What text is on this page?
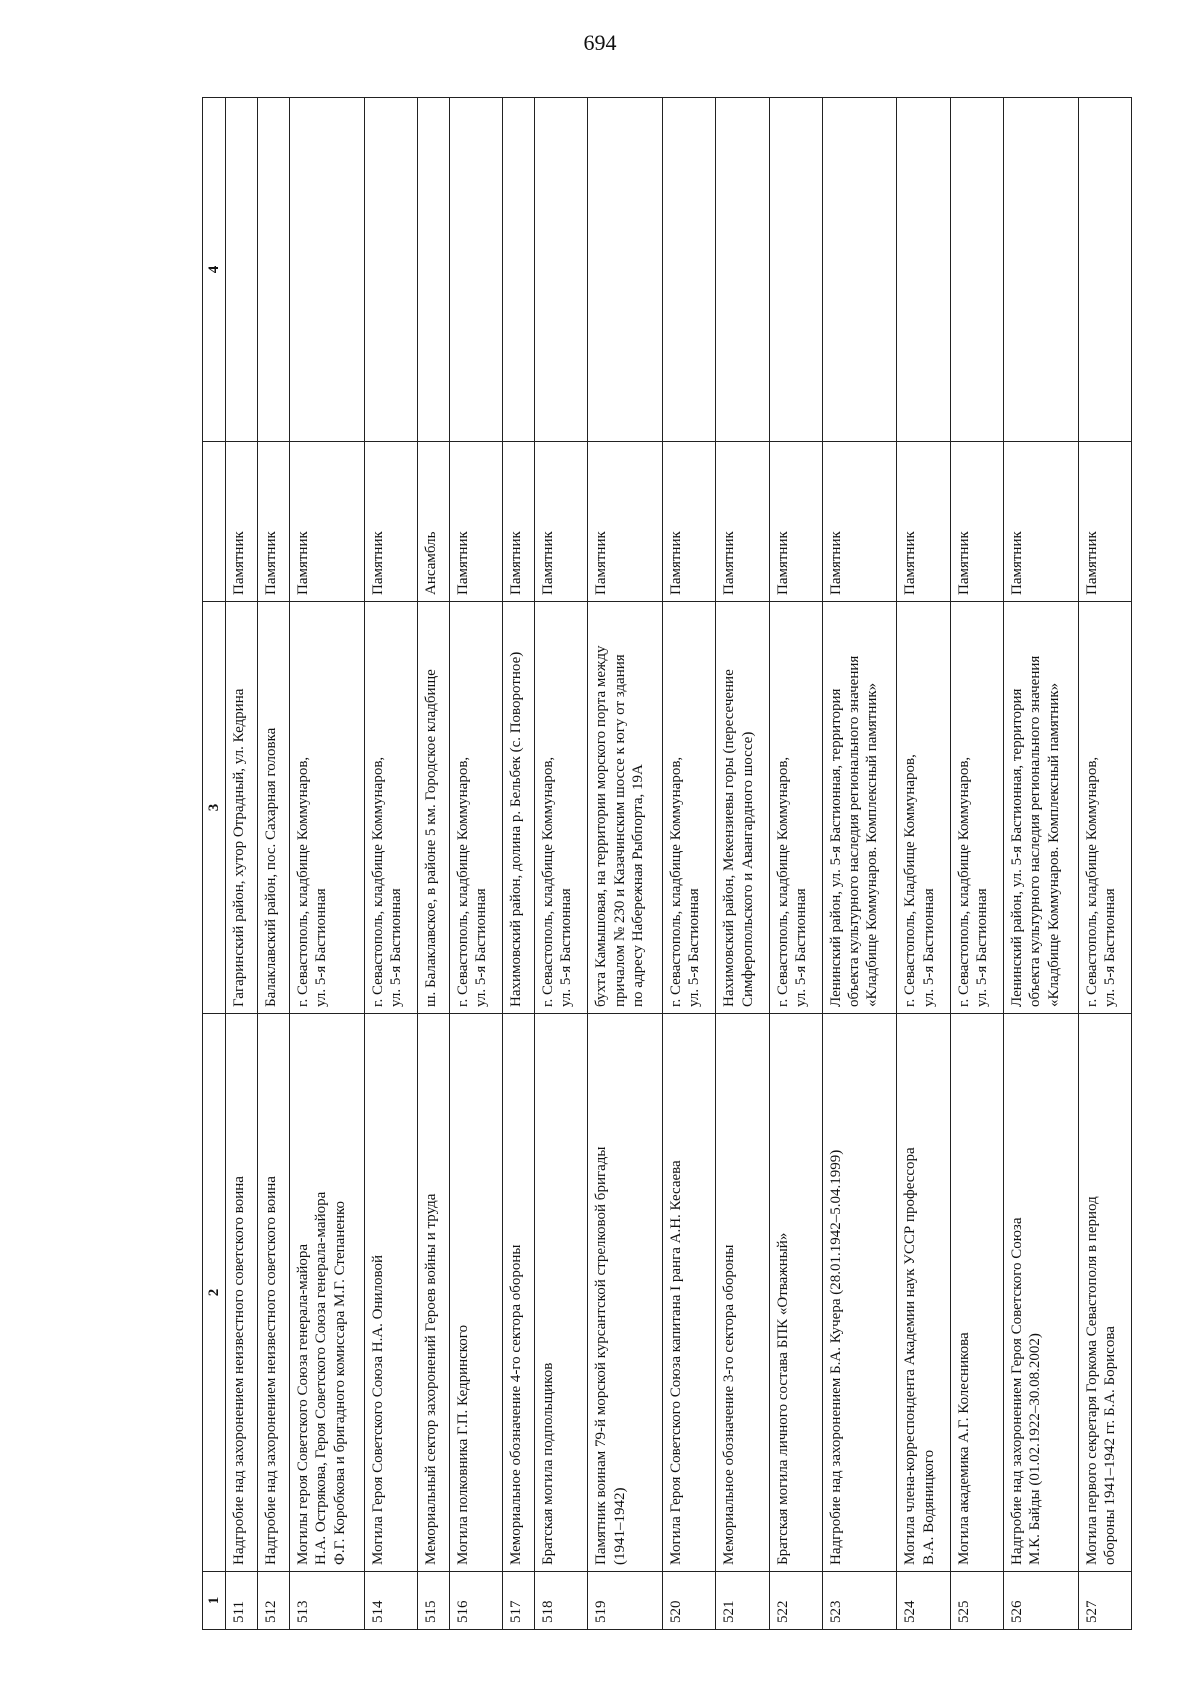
694
1	2	3		4
511	Надгробие над захоронением неизвестного советского воина	Гагаринский район, хутор Отрадный, ул. Кедрина	Памятник	
512	Надгробие над захоронением неизвестного советского воина	Балаклавский район, пос. Сахарная головка	Памятник	
513	Могилы героя Советского Союза генерала-майора Н.А. Острякова, Героя Советского Союза генерала-майора Ф.Г. Коробкова и бригадного комиссара М.Г. Степаненко	г. Севастополь, кладбище Коммунаров, ул. 5-я Бастионная	Памятник	
514	Могила Героя Советского Союза Н.А. Ониловой	г. Севастополь, кладбище Коммунаров, ул. 5-я Бастионная	Памятник	
515	Мемориальный сектор захоронений Героев войны и труда	ш. Балаклавское, в районе 5 км. Городское кладбище	Ансамбль	
516	Могила полковника Г.П. Кедринского	г. Севастополь, кладбище Коммунаров, ул. 5-я Бастионная	Памятник	
517	Мемориальное обозначение 4-го сектора обороны	Нахимовский район, долина р. Бельбек (с. Поворотное)	Памятник	
518	Братская могила подпольщиков	г. Севастополь, кладбище Коммунаров, ул. 5-я Бастионная	Памятник	
519	Памятник воинам 79-й морской курсантской стрелковой бригады (1941–1942)	бухта Камышовая, на территории морского порта между причалом № 230 и Казачинским шоссе к югу от здания по адресу Набережная Рыбпорта, 19А	Памятник	
520	Могила Героя Советского Союза капитана I ранга А.Н. Кесаева	г. Севастополь, кладбище Коммунаров, ул. 5-я Бастионная	Памятник	
521	Мемориальное обозначение 3-го сектора обороны	Нахимовский район, Мекензиевы горы (пересечение Симферопольского и Авангардного шоссе)	Памятник	
522	Братская могила личного состава БПК «Отважный»	г. Севастополь, кладбище Коммунаров, ул. 5-я Бастионная	Памятник	
523	Надгробие над захоронением Б.А. Кучера (28.01.1942–5.04.1999)	Ленинский район, ул. 5-я Бастионная, территория объекта культурного наследия регионального значения «Кладбище Коммунаров. Комплексный памятник»	Памятник	
524	Могила члена-корреспондента Академии наук УССР профессора В.А. Водяницкого	г. Севастополь, Кладбище Коммунаров, ул. 5-я Бастионная	Памятник	
525	Могила академика А.Г. Колесникова	г. Севастополь, кладбище Коммунаров, ул. 5-я Бастионная	Памятник	
526	Надгробие над захоронением Героя Советского Союза М.К. Байды (01.02.1922–30.08.2002)	Ленинский район, ул. 5-я Бастионная, территория объекта культурного наследия регионального значения «Кладбище Коммунаров. Комплексный памятник»	Памятник	
527	Могила первого секретаря Горкома Севастополя в период обороны 1941–1942 гг. Б.А. Борисова	г. Севастополь, кладбище Коммунаров, ул. 5-я Бастионная	Памятник	
